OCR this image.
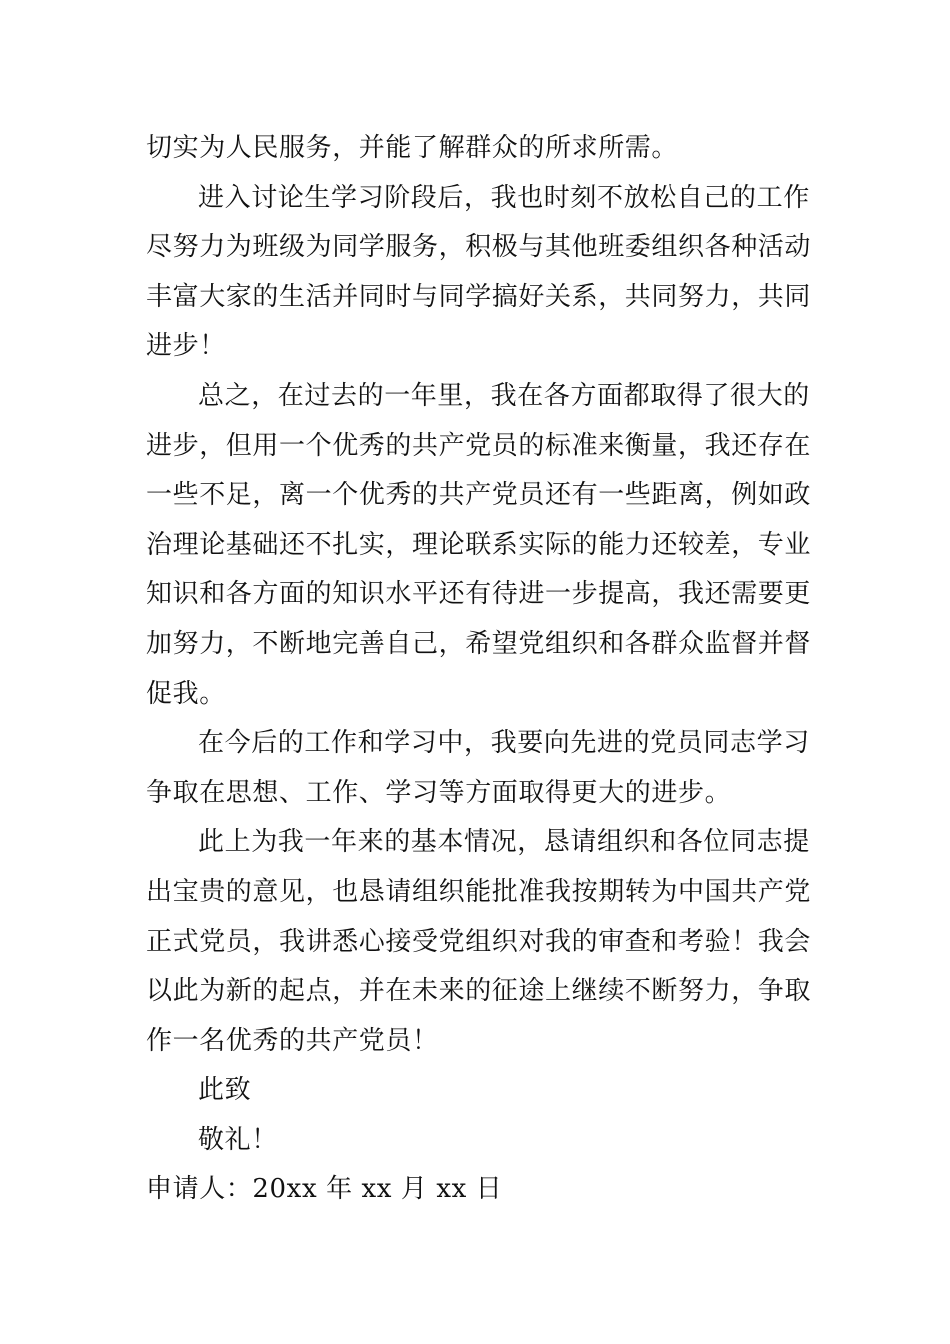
切实为人民服务，并能了解群众的所求所需。
进入讨论生学习阶段后，我也时刻不放松自己的工作
尽努力为班级为同学服务，积极与其他班委组织各种活动
丰富大家的生活并同时与同学搞好关系，共同努力，共同
进步！
总之，在过去的一年里，我在各方面都取得了很大的
进步，但用一个优秀的共产党员的标准来衡量，我还存在
一些不足，离一个优秀的共产党员还有一些距离，例如政
治理论基础还不扎实，理论联系实际的能力还较差，专业
知识和各方面的知识水平还有待进一步提高，我还需要更
加努力，不断地完善自己，希望党组织和各群众监督并督
促我。
在今后的工作和学习中，我要向先进的党员同志学习
争取在思想、工作、学习等方面取得更大的进步。
此上为我一年来的基本情况，恳请组织和各位同志提
出宝贵的意见，也恳请组织能批准我按期转为中国共产党
正式党员，我讲悉心接受党组织对我的审查和考验！我会
以此为新的起点，并在未来的征途上继续不断努力，争取
作一名优秀的共产党员！
此致
敬礼！
申请人：20xx 年 xx 月 xx 日
